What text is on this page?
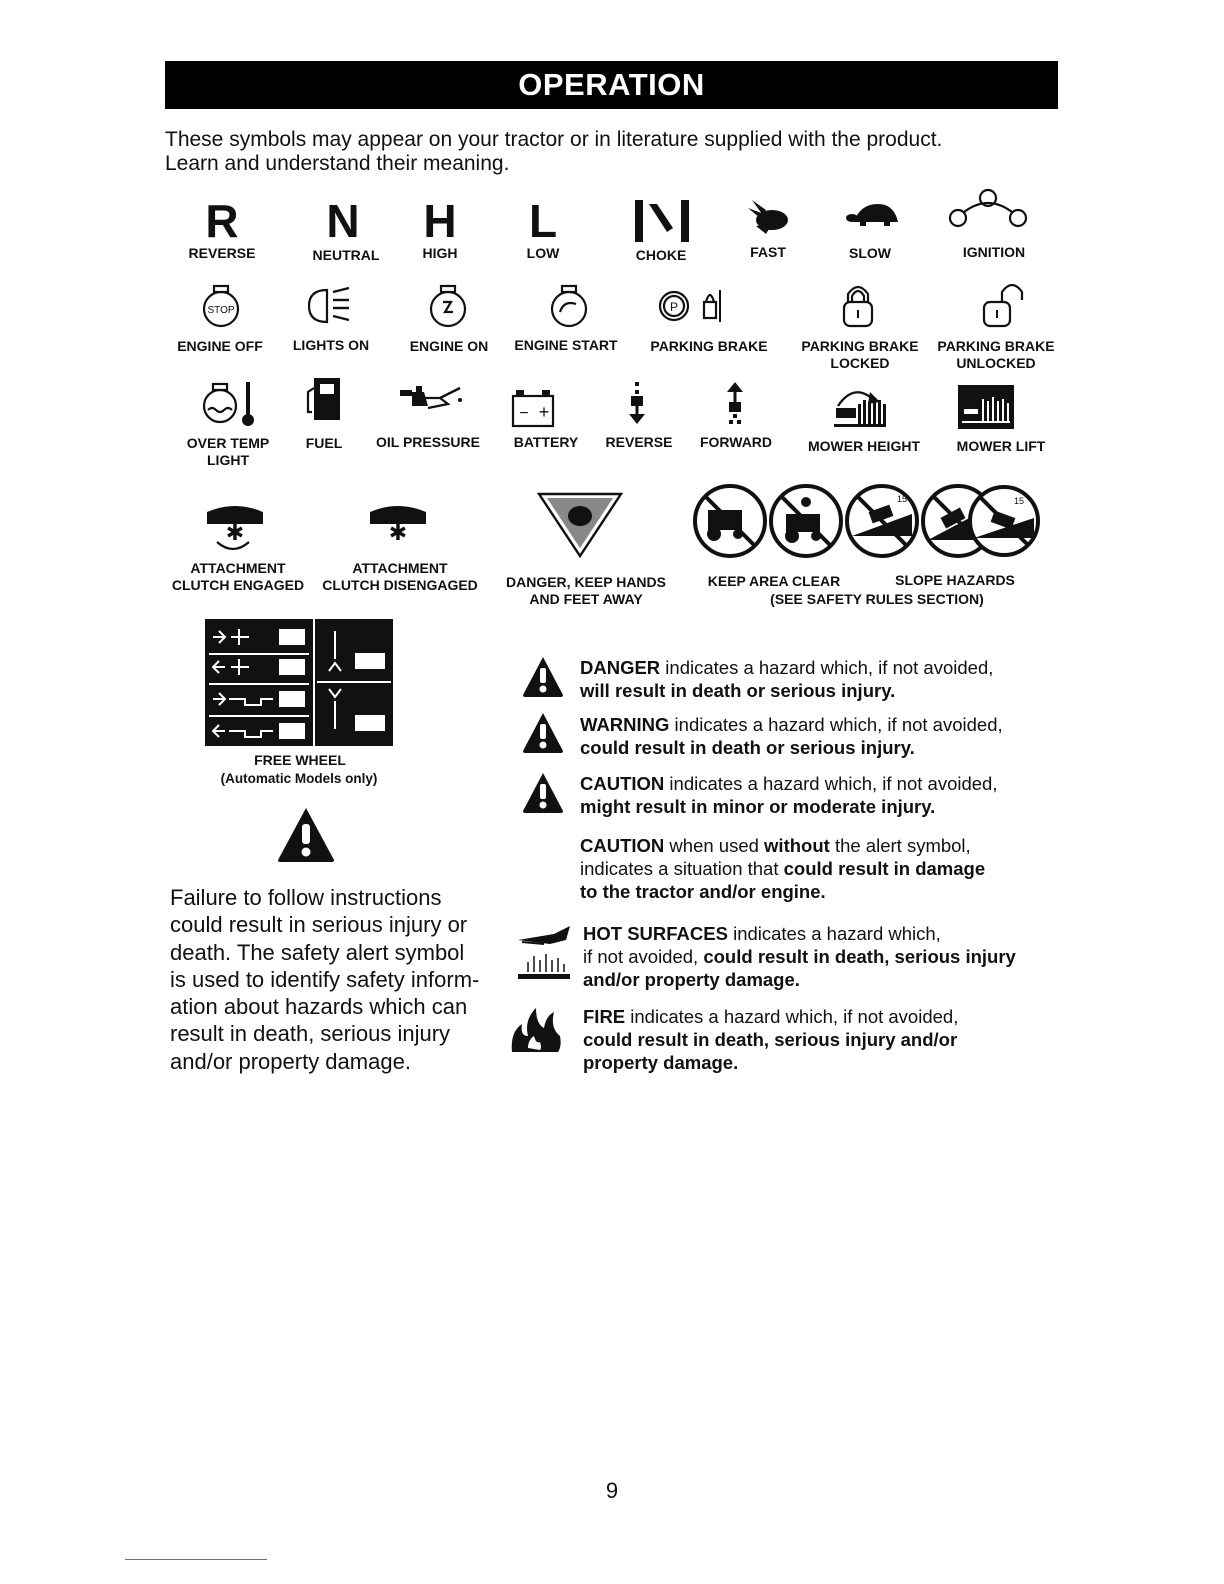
OPERATION
These symbols may appear on your tractor or in literature supplied with the product.
Learn and understand their meaning.
R
REVERSE
N
NEUTRAL
H
HIGH
L
LOW	CHOKE	FAST	SLOW	IGNITION
STOP
ENGINE OFF LIGHTS ON	ENGINE ON ENGINE START
P
PARKING BRAKE PARKING BRAKE
LOCKED
PARKING BRAKE
UNLOCKED
OVER TEMP
LIGHT
FUEL OIL PRESSURE
− +
BATTERY REVERSE FORWARD	MOWER HEIGHT	MOWER LIFT
✱
ATTACHMENT
CLUTCH ENGAGED
✱
ATTACHMENT
CLUTCH DISENGAGED DANGER, KEEP HANDS
AND FEET AWAY
15	15
KEEP AREA CLEAR	SLOPE HAZARDS
(SEE SAFETY RULES SECTION)
FREE WHEEL
(Automatic Models only)
Failure to follow instructions
could result in serious injury or
death. The safety alert symbol
is used to identify safety inform-
ation about hazards which can
result in death, serious injury
and/or property damage.
DANGER indicates a hazard which, if not avoided,
will result in death or serious injury.
WARNING indicates a hazard which, if not avoided,
could result in death or serious injury.
CAUTION indicates a hazard which, if not avoided,
might result in minor or moderate injury.
CAUTION when used without the alert symbol,
indicates a situation that could result in damage
to the tractor and/or engine.
HOT SURFACES indicates a hazard which,
if not avoided, could result in death, serious injury
and/or property damage.
FIRE indicates a hazard which, if not avoided,
could result in death, serious injury and/or
property damage.
9
